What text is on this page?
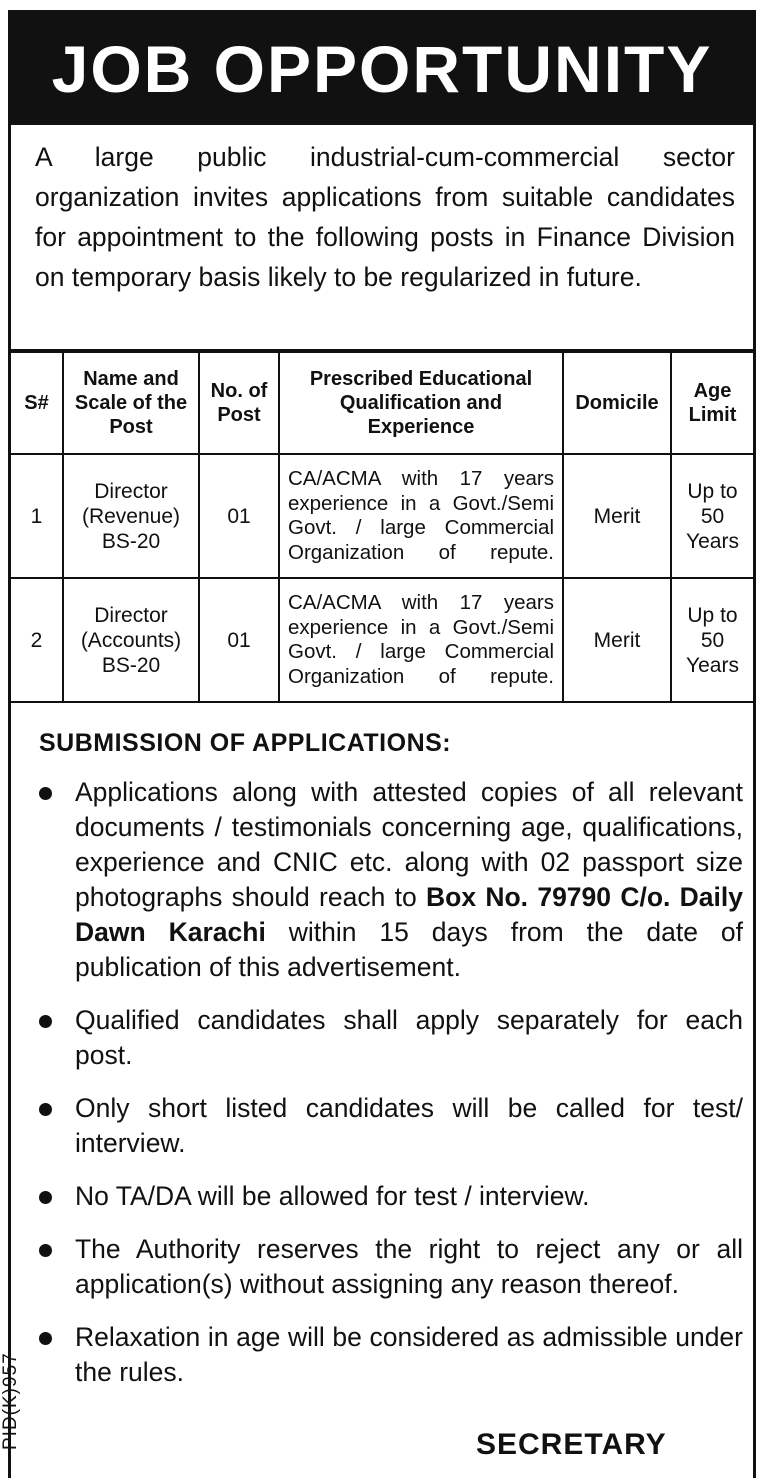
JOB OPPORTUNITY

A large public industrial-cum-commercial sector organization invites applications from suitable candidates for appointment to the following posts in Finance Division on temporary basis likely to be regularized in future.

S#	Name and Scale of the Post	No. of Post	Prescribed Educational Qualification and Experience	Domicile	Age Limit
1	Director (Revenue) BS-20	01	CA/ACMA with 17 years experience in a Govt./Semi Govt. / large Commercial Organization of repute.	Merit	Up to 50 Years
2	Director (Accounts) BS-20	01	CA/ACMA with 17 years experience in a Govt./Semi Govt. / large Commercial Organization of repute.	Merit	Up to 50 Years
SUBMISSION OF APPLICATIONS:
Applications along with attested copies of all relevant documents / testimonials concerning age, qualifications, experience and CNIC etc. along with 02 passport size photographs should reach to Box No. 79790 C/o. Daily Dawn Karachi within 15 days from the date of publication of this advertisement.
Qualified candidates shall apply separately for each post.
Only short listed candidates will be called for test/ interview.
No TA/DA will be allowed for test / interview.
The Authority reserves the right to reject any or all application(s) without assigning any reason thereof.
Relaxation in age will be considered as admissible under the rules.
PID(K)957	SECRETARY
